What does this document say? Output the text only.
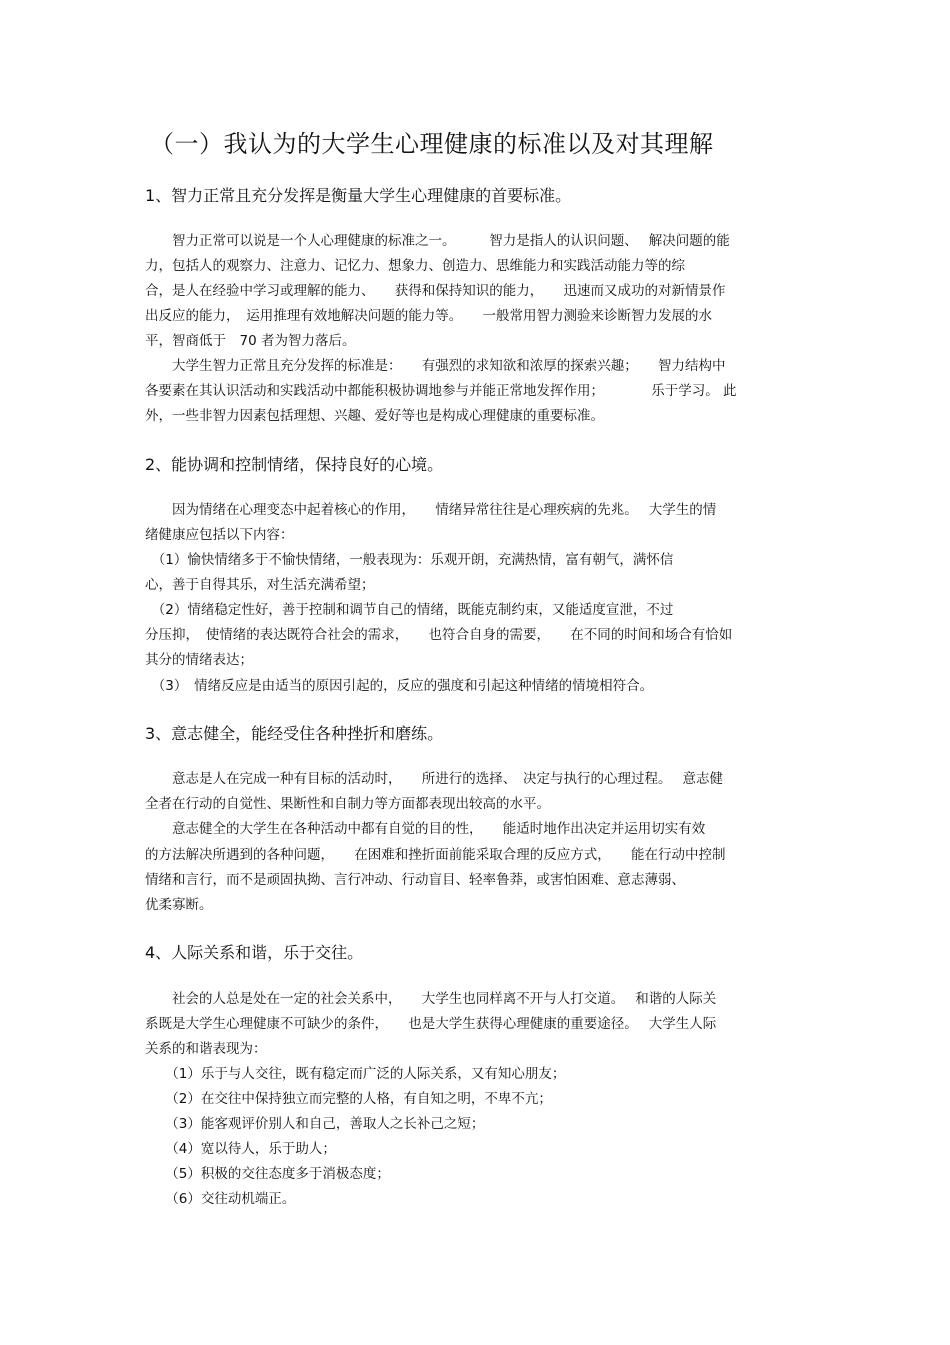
（一）我认为的大学生心理健康的标准以及对其理解
1、智力正常且充分发挥是衡量大学生心理健康的首要标准。
　　智力正常可以说是一个人心理健康的标准之一。　　　智力是指人的认识问题、　 解决问题的能
力，包括人的观察力、注意力、记忆力、想象力、创造力、思维能力和实践活动能力等的综
合，是人在经验中学习或理解的能力、　　获得和保持知识的能力，　　迅速而又成功的对新情景作
出反应的能力，　运用推理有效地解决问题的能力等。　　一般常用智力测验来诊断智力发展的水
平，智商低于　70 者为智力落后。
　　大学生智力正常且充分发挥的标准是：　　有强烈的求知欲和浓厚的探索兴趣；　　智力结构中
各要素在其认识活动和实践活动中都能积极协调地参与并能正常地发挥作用；　　　　乐于学习。 此
外，一些非智力因素包括理想、兴趣、爱好等也是构成心理健康的重要标准。
2、能协调和控制情绪，保持良好的心境。
　　因为情绪在心理变态中起着核心的作用，　　情绪异常往往是心理疾病的先兆。　 大学生的情
绪健康应包括以下内容：
　（1）愉快情绪多于不愉快情绪，一般表现为：乐观开朗，充满热情，富有朝气，满怀信
心，善于自得其乐，对生活充满希望；
　（2）情绪稳定性好，善于控制和调节自己的情绪，既能克制约束，又能适度宣泄，不过
分压抑，　使情绪的表达既符合社会的需求，　　也符合自身的需要，　　在不同的时间和场合有恰如
其分的情绪表达；
　（3）　情绪反应是由适当的原因引起的，反应的强度和引起这种情绪的情境相符合。
3、意志健全，能经受住各种挫折和磨练。
　　意志是人在完成一种有目标的活动时，　　所进行的选择、　决定与执行的心理过程。　 意志健
全者在行动的自觉性、果断性和自制力等方面都表现出较高的水平。
　　意志健全的大学生在各种活动中都有自觉的目的性，　　能适时地作出决定并运用切实有效
的方法解决所遇到的各种问题，　　在困难和挫折面前能采取合理的反应方式，　　能在行动中控制
情绪和言行，而不是顽固执拗、言行冲动、行动盲目、轻率鲁莽，或害怕困难、意志薄弱、
优柔寡断。
4、人际关系和谐，乐于交往。
　　社会的人总是处在一定的社会关系中，　　大学生也同样离不开与人打交道。　 和谐的人际关
系既是大学生心理健康不可缺少的条件，　　也是大学生获得心理健康的重要途径。　 大学生人际
关系的和谐表现为：
　　（1）乐于与人交往，既有稳定而广泛的人际关系，又有知心朋友；
　　（2）在交往中保持独立而完整的人格，有自知之明，不卑不亢；
　　（3）能客观评价别人和自己，善取人之长补己之短；
　　（4）宽以待人，乐于助人；
　　（5）积极的交往态度多于消极态度；
　　（6）交往动机端正。
